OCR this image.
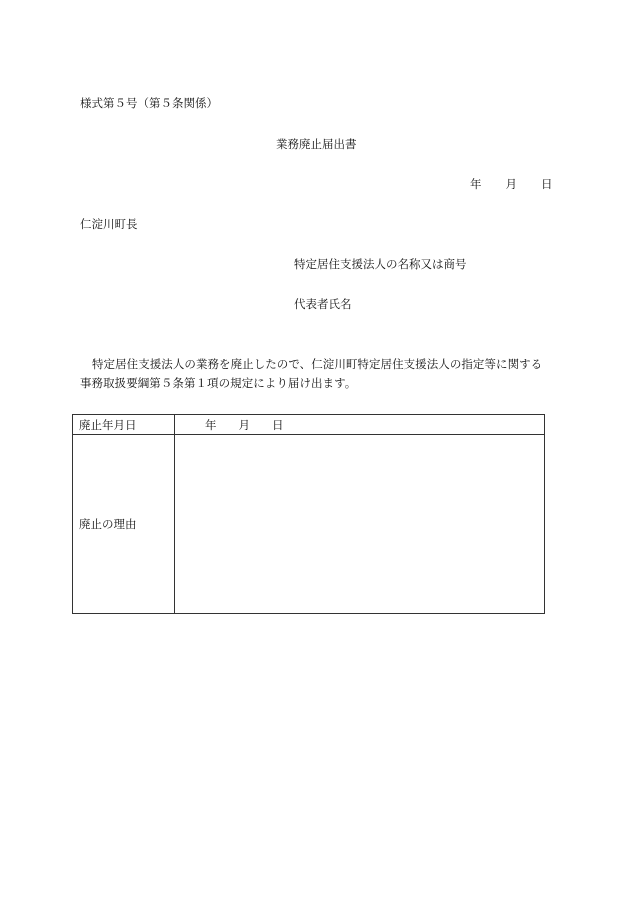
様式第５号（第５条関係）
業務廃止届出書
年 月 日
仁淀川町長
特定居住支援法人の名称又は商号
代表者氏名
特定居住支援法人の業務を廃止したので、仁淀川町特定居住支援法人の指定等に関する事務取扱要綱第５条第１項の規定により届け出ます。
廃止年月日	年 月 日
廃止の理由	
